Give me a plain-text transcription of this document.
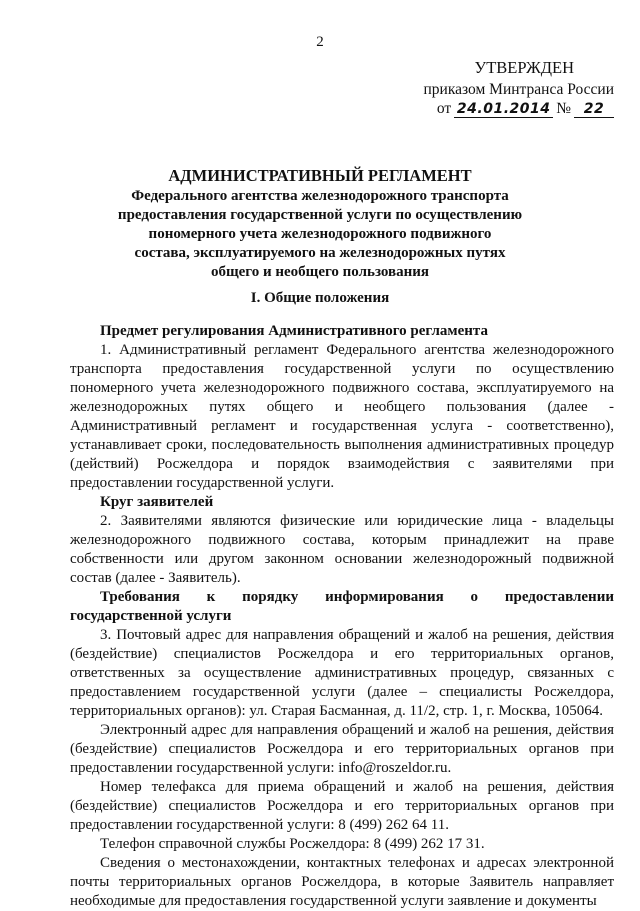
2
УТВЕРЖДЕН
приказом Минтранса России
от 24.01.2014 № 22
АДМИНИСТРАТИВНЫЙ РЕГЛАМЕНТ
Федерального агентства железнодорожного транспорта
предоставления государственной услуги по осуществлению
пономерного учета железнодорожного подвижного
состава, эксплуатируемого на железнодорожных путях
общего и необщего пользования
I. Общие положения

Предмет регулирования Административного регламента

1. Административный регламент Федерального агентства железнодорожного транспорта предоставления государственной услуги по осуществлению пономерного учета железнодорожного подвижного состава, эксплуатируемого на железнодорожных путях общего и необщего пользования (далее - Административный регламент и государственная услуга - соответственно), устанавливает сроки, последовательность выполнения административных процедур (действий) Росжелдора и порядок взаимодействия с заявителями при предоставлении государственной услуги.

Круг заявителей

2. Заявителями являются физические или юридические лица - владельцы железнодорожного подвижного состава, которым принадлежит на праве собственности или другом законном основании железнодорожный подвижной состав (далее - Заявитель).

Требования к порядку информирования о предоставлении

государственной услуги

3. Почтовый адрес для направления обращений и жалоб на решения, действия (бездействие) специалистов Росжелдора и его территориальных органов, ответственных за осуществление административных процедур, связанных с предоставлением государственной услуги (далее – специалисты Росжелдора, территориальных органов): ул. Старая Басманная, д. 11/2, стр. 1, г. Москва, 105064.

Электронный адрес для направления обращений и жалоб на решения, действия (бездействие) специалистов Росжелдора и его территориальных органов при предоставлении государственной услуги: info@roszeldor.ru.

Номер телефакса для приема обращений и жалоб на решения, действия (бездействие) специалистов Росжелдора и его территориальных органов при предоставлении государственной услуги: 8 (499) 262 64 11.

Телефон справочной службы Росжелдора: 8 (499) 262 17 31.

Сведения о местонахождении, контактных телефонах и адресах электронной почты территориальных органов Росжелдора, в которые Заявитель направляет необходимые для предоставления государственной услуги заявление и документы
